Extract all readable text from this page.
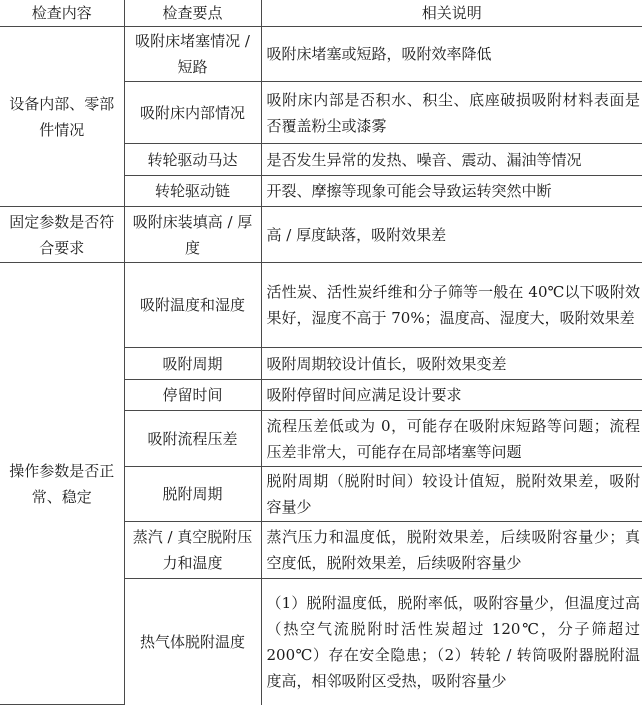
检查内容	检查要点	相关说明
设备内部、零部件情况	吸附床堵塞情况 / 短路	吸附床堵塞或短路，吸附效率降低
	吸附床内部情况	吸附床内部是否积水、积尘、底座破损吸附材料表面是否覆盖粉尘或漆雾
	转轮驱动马达	是否发生异常的发热、噪音、震动、漏油等情况
	转轮驱动链	开裂、摩擦等现象可能会导致运转突然中断
固定参数是否符合要求	吸附床装填高 / 厚度	高 / 厚度缺落，吸附效果差
操作参数是否正常、稳定	吸附温度和湿度	活性炭、活性炭纤维和分子筛等一般在 40℃以下吸附效果好，湿度不高于 70%；温度高、湿度大，吸附效果差
	吸附周期	吸附周期较设计值长，吸附效果变差
	停留时间	吸附停留时间应满足设计要求
	吸附流程压差	流程压差低或为 0，可能存在吸附床短路等问题；流程压差非常大，可能存在局部堵塞等问题
	脱附周期	脱附周期（脱附时间）较设计值短，脱附效果差，吸附容量少
	蒸汽 / 真空脱附压力和温度	蒸汽压力和温度低，脱附效果差，后续吸附容量少；真空度低，脱附效果差，后续吸附容量少
	热气体脱附温度	（1）脱附温度低，脱附率低，吸附容量少，但温度过高（热空气流脱附时活性炭超过 120℃，分子筛超过 200℃）存在安全隐患；（2）转轮 / 转筒吸附器脱附温度高，相邻吸附区受热，吸附容量少
